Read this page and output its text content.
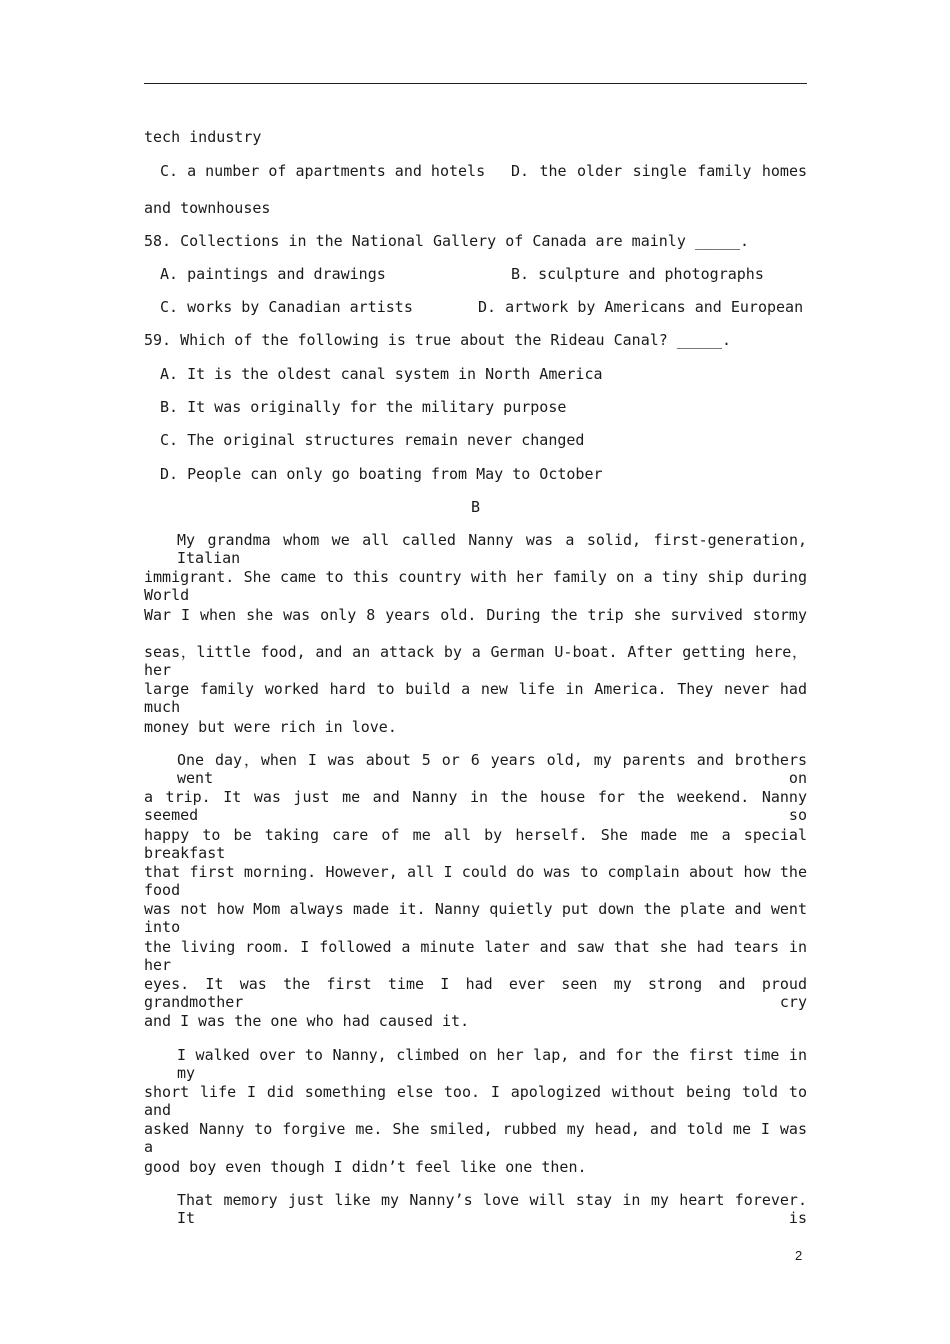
tech industry
C. a number of apartments and hotels D. the older single family homes
and townhouses
58. Collections in the National Gallery of Canada are mainly _____.
A. paintings and drawings	B. sculpture and photographs
C. works by Canadian artists	D. artwork by Americans and European
59. Which of the following is true about the Rideau Canal? _____.
A. It is the oldest canal system in North America
B. It was originally for the military purpose
C. The original structures remain never changed
D. People can only go boating from May to October
B
My grandma whom we all called Nanny was a solid, first-generation, Italian
immigrant. She came to this country with her family on a tiny ship during World
War I when she was only 8 years old. During the trip she survived stormy
seas，little food, and an attack by a German U-boat. After getting here，her
large family worked hard to build a new life in America. They never had much
money but were rich in love.
One day，when I was about 5 or 6 years old, my parents and brothers went on
a trip. It was just me and Nanny in the house for the weekend. Nanny seemed so
happy to be taking care of me all by herself. She made me a special breakfast
that first morning. However, all I could do was to complain about how the food
was not how Mom always made it. Nanny quietly put down the plate and went into
the living room. I followed a minute later and saw that she had tears in her
eyes. It was the first time I had ever seen my strong and proud grandmother cry
and I was the one who had caused it.
I walked over to Nanny, climbed on her lap, and for the first time in my
short life I did something else too. I apologized without being told to and
asked Nanny to forgive me. She smiled, rubbed my head, and told me I was a
good boy even though I didn’t feel like one then.
That memory just like my Nanny’s love will stay in my heart forever. It is
2
